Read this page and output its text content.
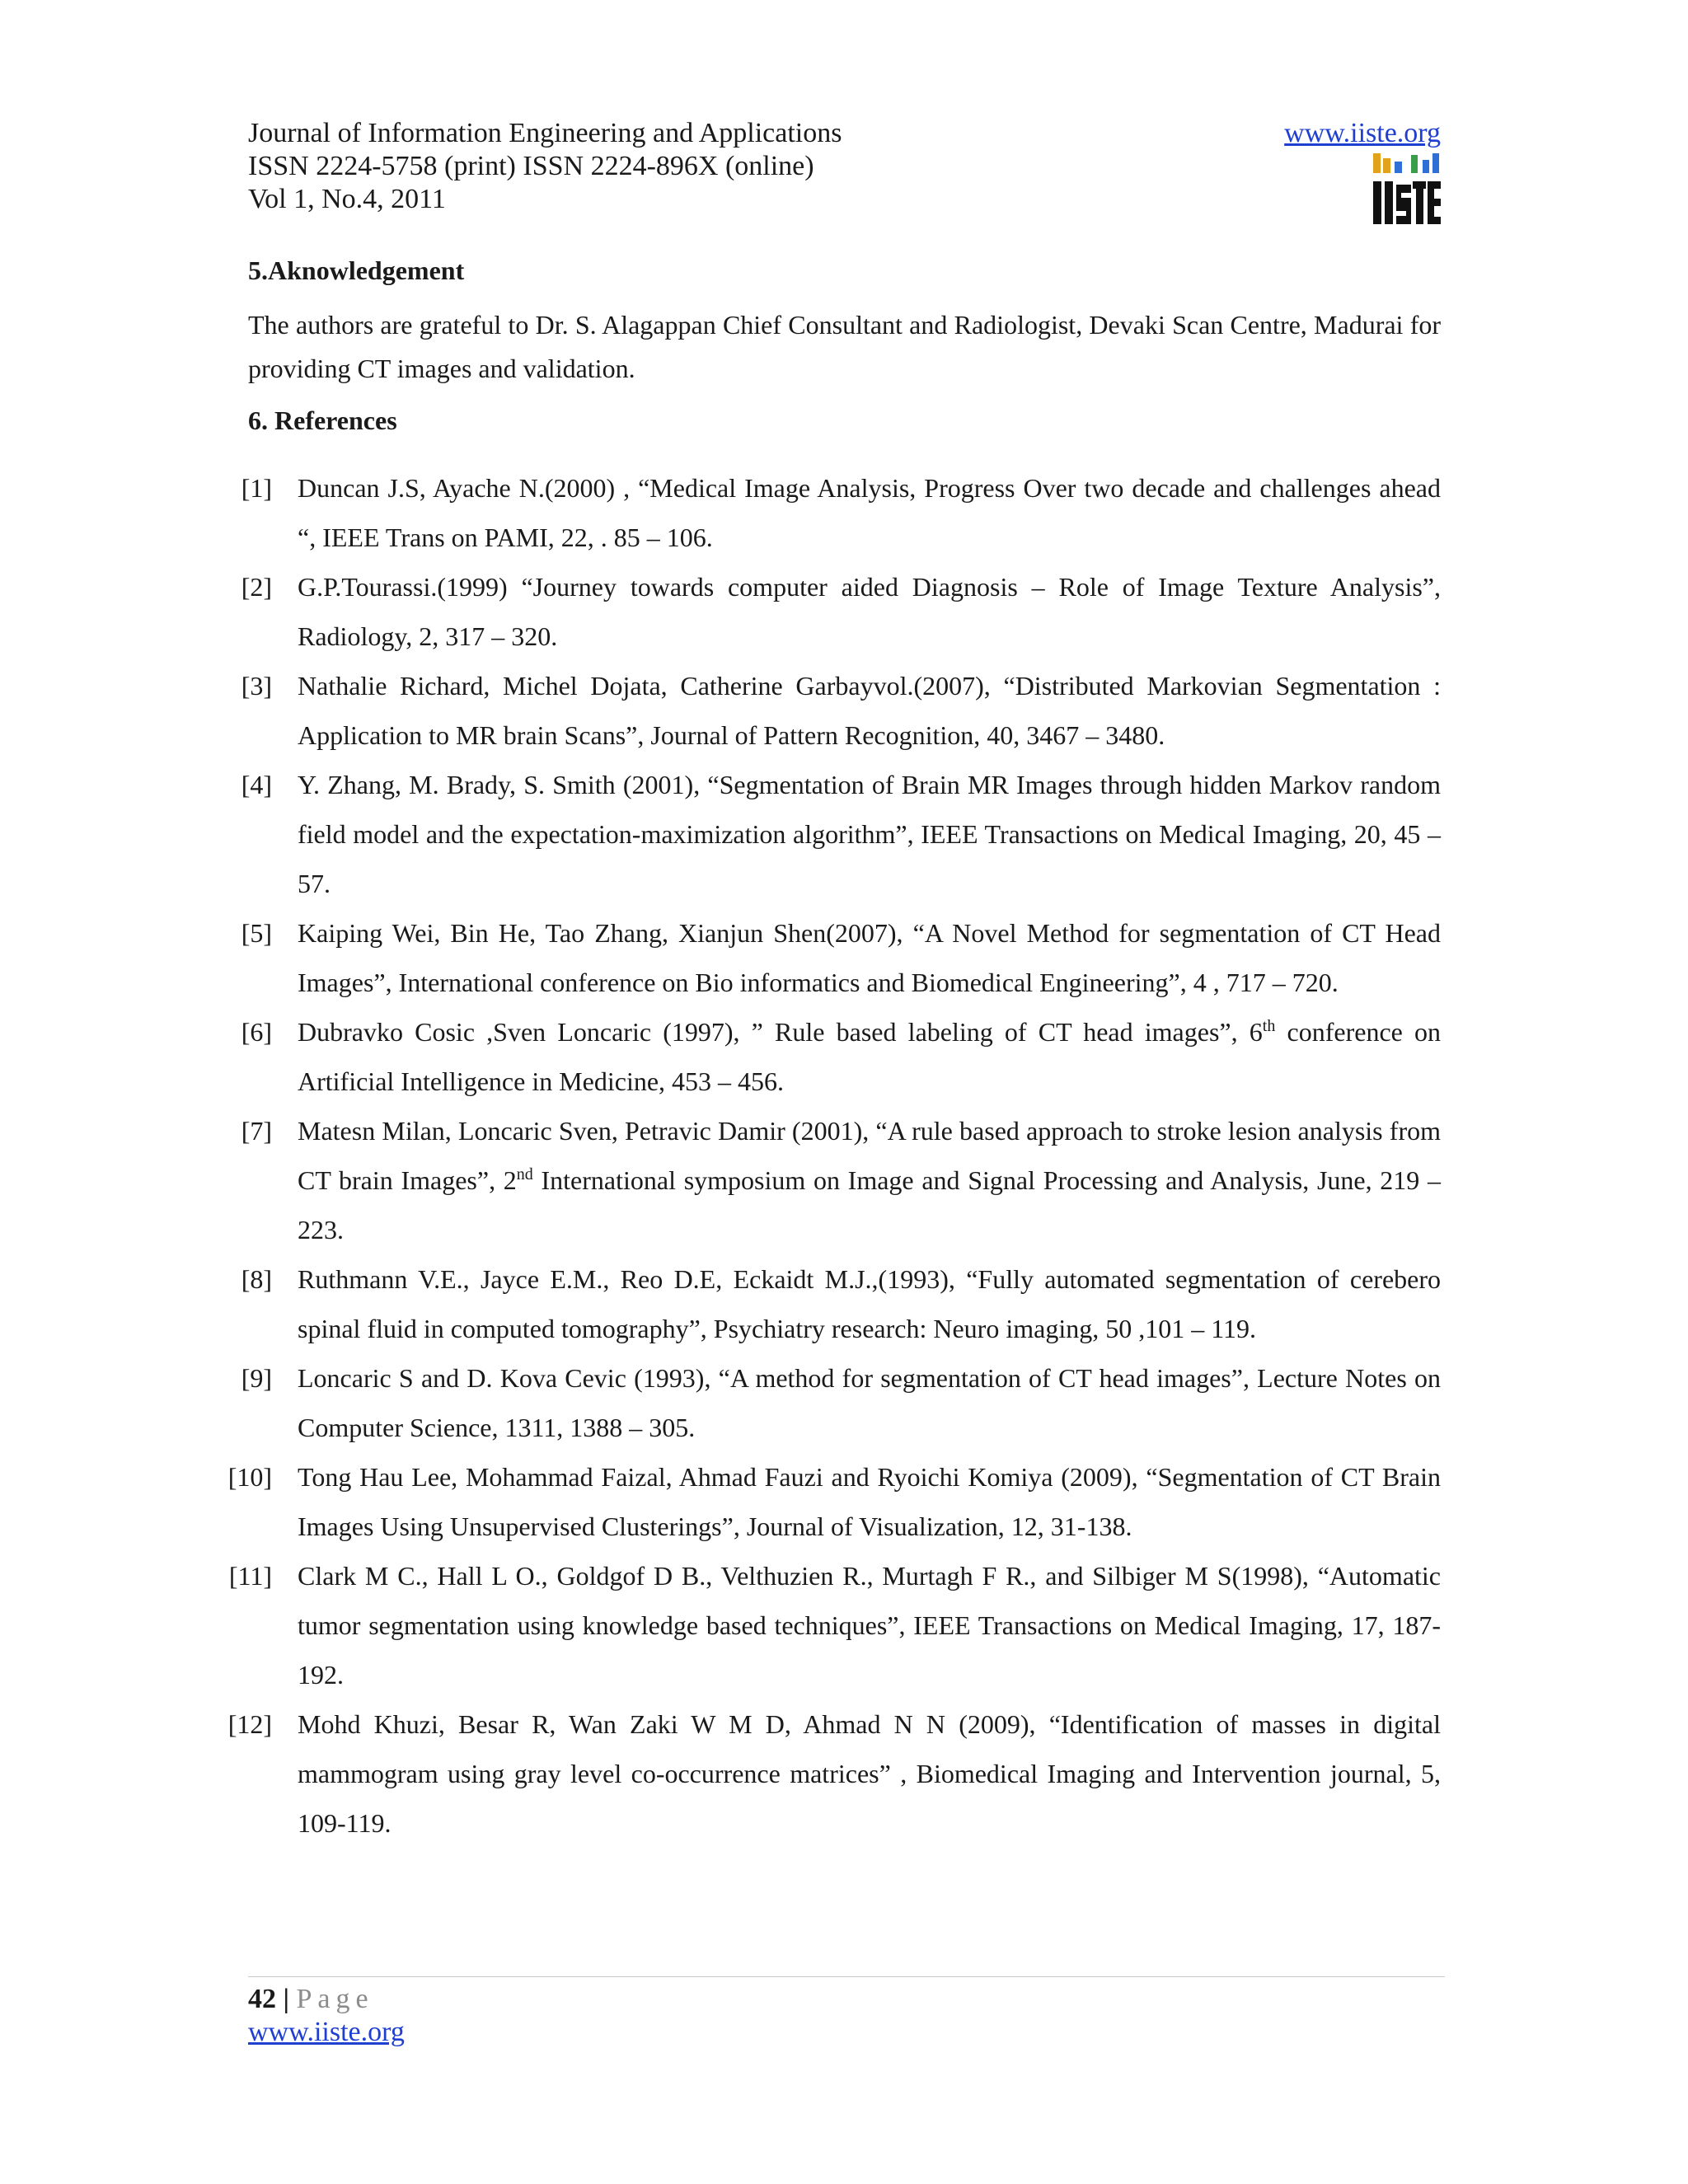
Journal of Information Engineering and Applications
ISSN 2224-5758 (print) ISSN 2224-896X (online)
Vol 1, No.4, 2011
www.iiste.org
5.Aknowledgement
The authors are grateful to Dr. S. Alagappan Chief Consultant and Radiologist, Devaki Scan Centre, Madurai for providing CT images and validation.
6. References
[1] Duncan J.S, Ayache N.(2000) , “Medical Image Analysis, Progress Over two decade and challenges ahead “, IEEE Trans on PAMI, 22, . 85 – 106.
[2] G.P.Tourassi.(1999) “Journey towards computer aided Diagnosis – Role of Image Texture Analysis”, Radiology, 2, 317 – 320.
[3] Nathalie Richard, Michel Dojata, Catherine Garbayvol.(2007), “Distributed Markovian Segmentation : Application to MR brain Scans”, Journal of Pattern Recognition, 40, 3467 – 3480.
[4] Y. Zhang, M. Brady, S. Smith (2001), “Segmentation of Brain MR Images through hidden Markov random field model and the expectation-maximization algorithm”, IEEE Transactions on Medical Imaging, 20, 45 – 57.
[5] Kaiping Wei, Bin He, Tao Zhang, Xianjun Shen(2007), “A Novel Method for segmentation of CT Head Images”, International conference on Bio informatics and Biomedical Engineering”, 4 , 717 – 720.
[6] Dubravko Cosic ,Sven Loncaric (1997), ” Rule based labeling of CT head images”, 6th conference on Artificial Intelligence in Medicine, 453 – 456.
[7] Matesn Milan, Loncaric Sven, Petravic Damir (2001), “A rule based approach to stroke lesion analysis from CT brain Images”, 2nd International symposium on Image and Signal Processing and Analysis, June, 219 – 223.
[8] Ruthmann V.E., Jayce E.M., Reo D.E, Eckaidt M.J.,(1993), “Fully automated segmentation of cerebero spinal fluid in computed tomography”, Psychiatry research: Neuro imaging, 50 ,101 – 119.
[9] Loncaric S and D. Kova Cevic (1993), “A method for segmentation of CT head images”, Lecture Notes on Computer Science, 1311, 1388 – 305.
[10] Tong Hau Lee, Mohammad Faizal, Ahmad Fauzi and Ryoichi Komiya (2009), “Segmentation of CT Brain Images Using Unsupervised Clusterings”, Journal of Visualization, 12, 31-138.
[11] Clark M C., Hall L O., Goldgof D B., Velthuzien R., Murtagh F R., and Silbiger M S(1998), “Automatic tumor segmentation using knowledge based techniques”, IEEE Transactions on Medical Imaging, 17, 187-192.
[12] Mohd Khuzi, Besar R, Wan Zaki W M D, Ahmad N N (2009), “Identification of masses in digital mammogram using gray level co-occurrence matrices” , Biomedical Imaging and Intervention journal, 5, 109-119.
42 | Page
www.iiste.org
